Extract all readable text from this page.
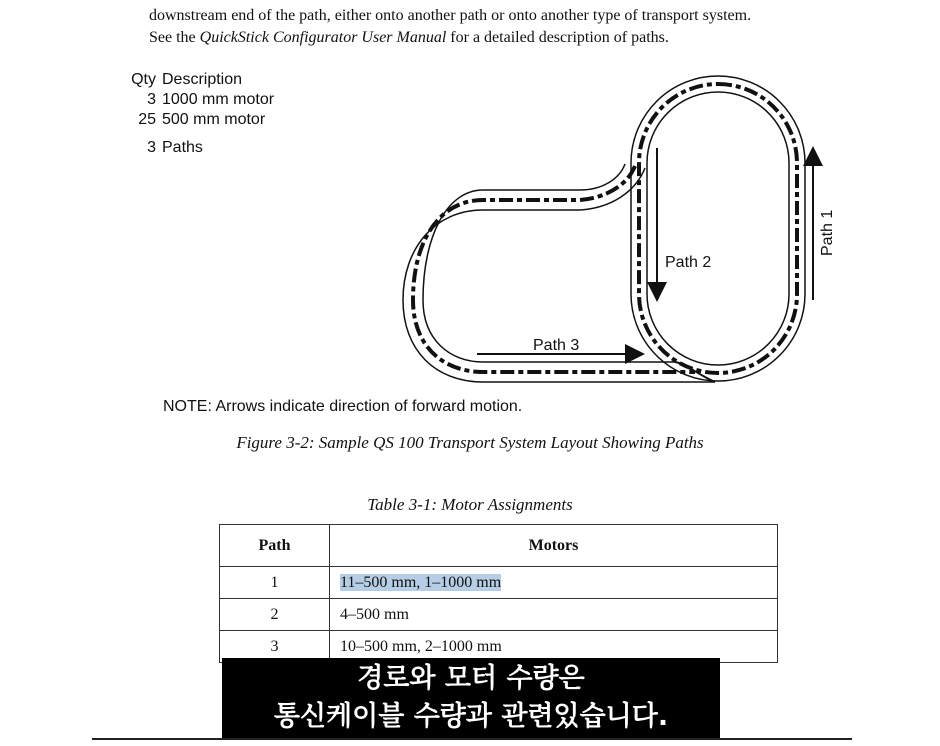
downstream end of the path, either onto another path or onto another type of transport system.
See the QuickStick Configurator User Manual for a detailed description of paths.
Qty Description
3 1000 mm motor
25 500 mm motor
3 Paths
Path 1
Path 2
Path 3
NOTE: Arrows indicate direction of forward motion.
Figure 3-2: Sample QS 100 Transport System Layout Showing Paths
Table 3-1: Motor Assignments
Path	Motors
1	11–500 mm, 1–1000 mm
2	4–500 mm
3	10–500 mm, 2–1000 mm
경로와 모터 수량은
통신케이블 수량과 관련있습니다.
